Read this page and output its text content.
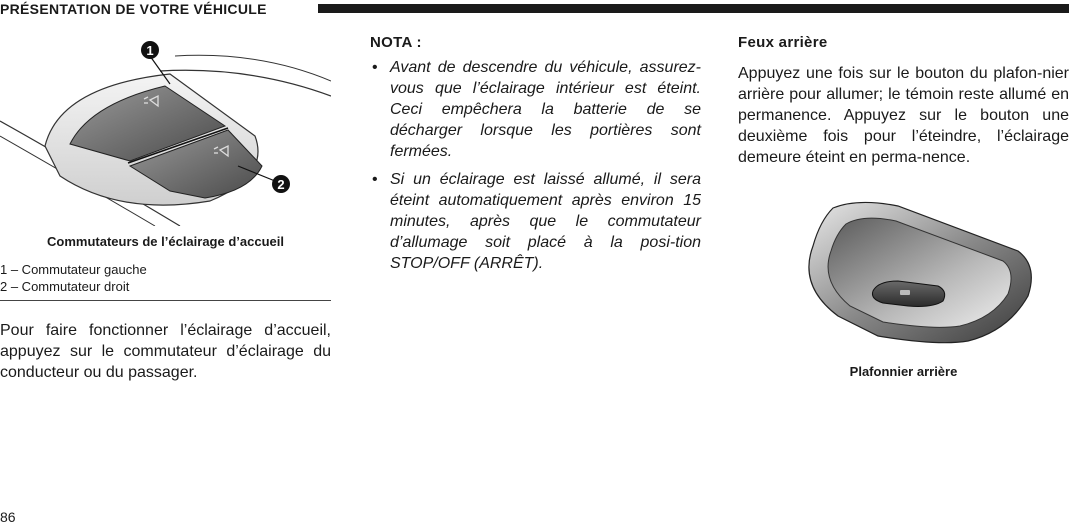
PRÉSENTATION DE VOTRE VÉHICULE
1
2
Commutateurs de l’éclairage d’accueil
1 – Commutateur gauche
2 – Commutateur droit

Pour faire fonctionner l’éclairage d’accueil, appuyez sur le commutateur d’éclairage du conducteur ou du passager.

NOTA :
• Avant de descendre du véhicule, assurez-vous que l’éclairage intérieur est éteint. Ceci empêchera la batterie de se décharger lorsque les portières sont fermées.
• Si un éclairage est laissé allumé, il sera éteint automatiquement après environ 15 minutes, après que le commutateur d’allumage soit placé à la posi-tion STOP/OFF (ARRÊT).
Feux arrière

Appuyez une fois sur le bouton du plafon-nier arrière pour allumer; le témoin reste allumé en permanence. Appuyez sur le bouton une deuxième fois pour l’éteindre, l’éclairage demeure éteint en perma-nence.

Plafonnier arrière
86
